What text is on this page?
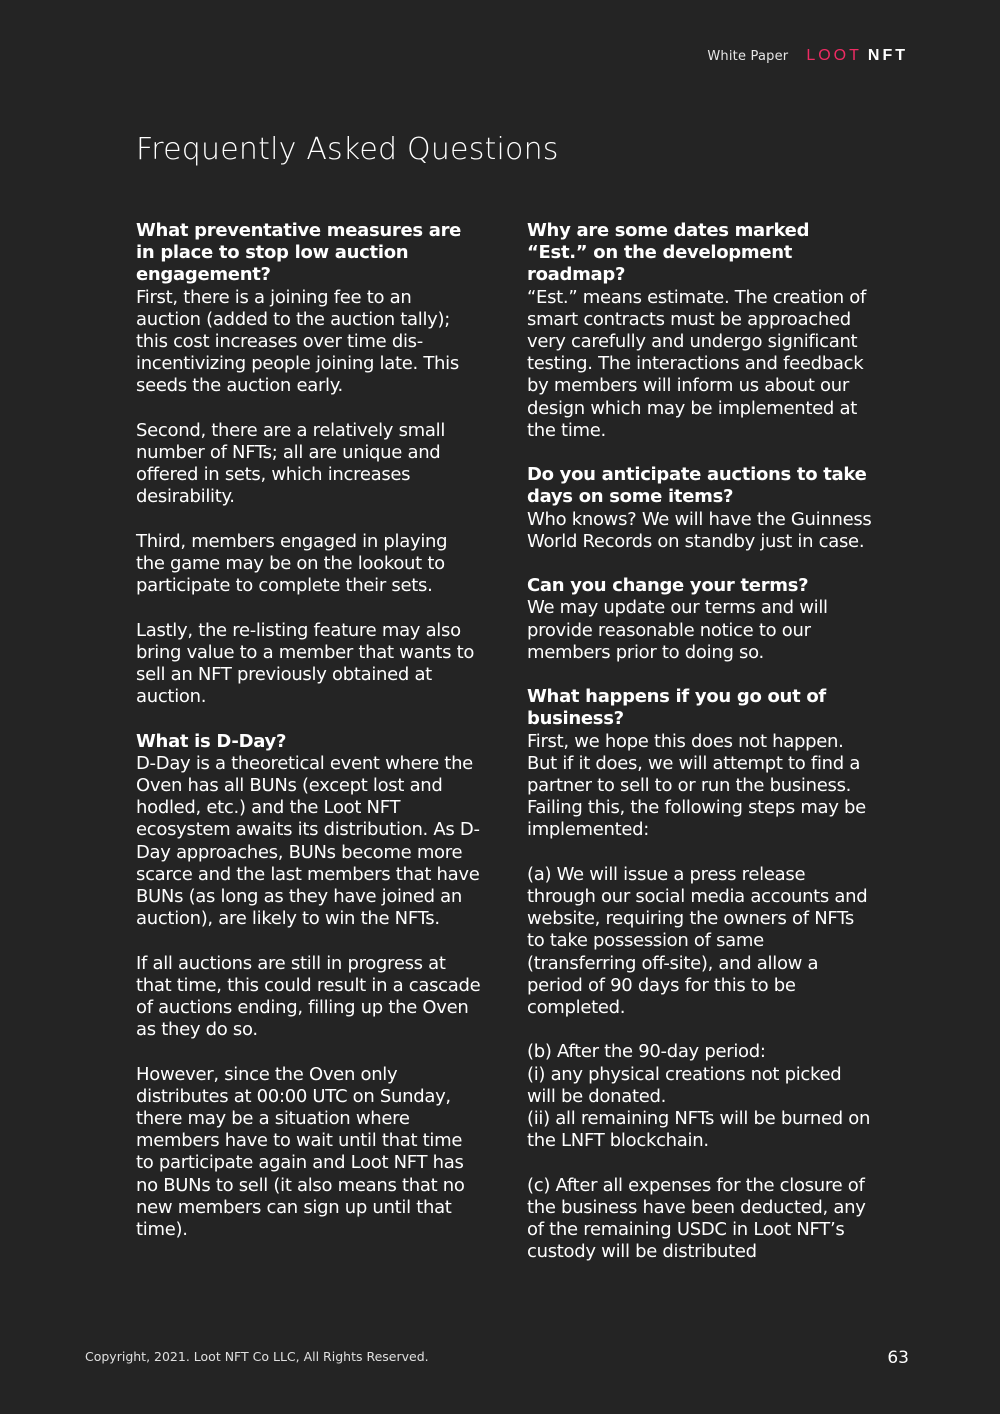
White Paper LOOT NFT
Frequently Asked Questions

What preventative measures are in place to stop low auction engagement?

First, there is a joining fee to an auction (added to the auction tally); this cost increases over time dis-incentivizing people joining late. This seeds the auction early.

Second, there are a relatively small number of NFTs; all are unique and offered in sets, which increases desirability.

Third, members engaged in playing the game may be on the lookout to participate to complete their sets.

Lastly, the re-listing feature may also bring value to a member that wants to sell an NFT previously obtained at auction.

What is D-Day?

D-Day is a theoretical event where the Oven has all BUNs (except lost and hodled, etc.) and the Loot NFT ecosystem awaits its distribution. As D-Day approaches, BUNs become more scarce and the last members that have BUNs (as long as they have joined an auction), are likely to win the NFTs.

If all auctions are still in progress at that time, this could result in a cascade of auctions ending, filling up the Oven as they do so.

However, since the Oven only distributes at 00:00 UTC on Sunday, there may be a situation where members have to wait until that time to participate again and Loot NFT has no BUNs to sell (it also means that no new members can sign up until that time).

Why are some dates marked “Est.” on the development roadmap?

“Est.” means estimate. The creation of smart contracts must be approached very carefully and undergo significant testing. The interactions and feedback by members will inform us about our design which may be implemented at the time.

Do you anticipate auctions to take days on some items?

Who knows? We will have the Guinness World Records on standby just in case.

Can you change your terms?

We may update our terms and will provide reasonable notice to our members prior to doing so.

What happens if you go out of business?

First, we hope this does not happen. But if it does, we will attempt to find a partner to sell to or run the business. Failing this, the following steps may be implemented:

(a) We will issue a press release through our social media accounts and website, requiring the owners of NFTs to take possession of same (transferring off-site), and allow a period of 90 days for this to be completed.

(b) After the 90-day period:
(i) any physical creations not picked will be donated.
(ii) all remaining NFTs will be burned on the LNFT blockchain.

(c) After all expenses for the closure of the business have been deducted, any of the remaining USDC in Loot NFT’s custody will be distributed

Copyright, 2021. Loot NFT Co LLC, All Rights Reserved.	63
